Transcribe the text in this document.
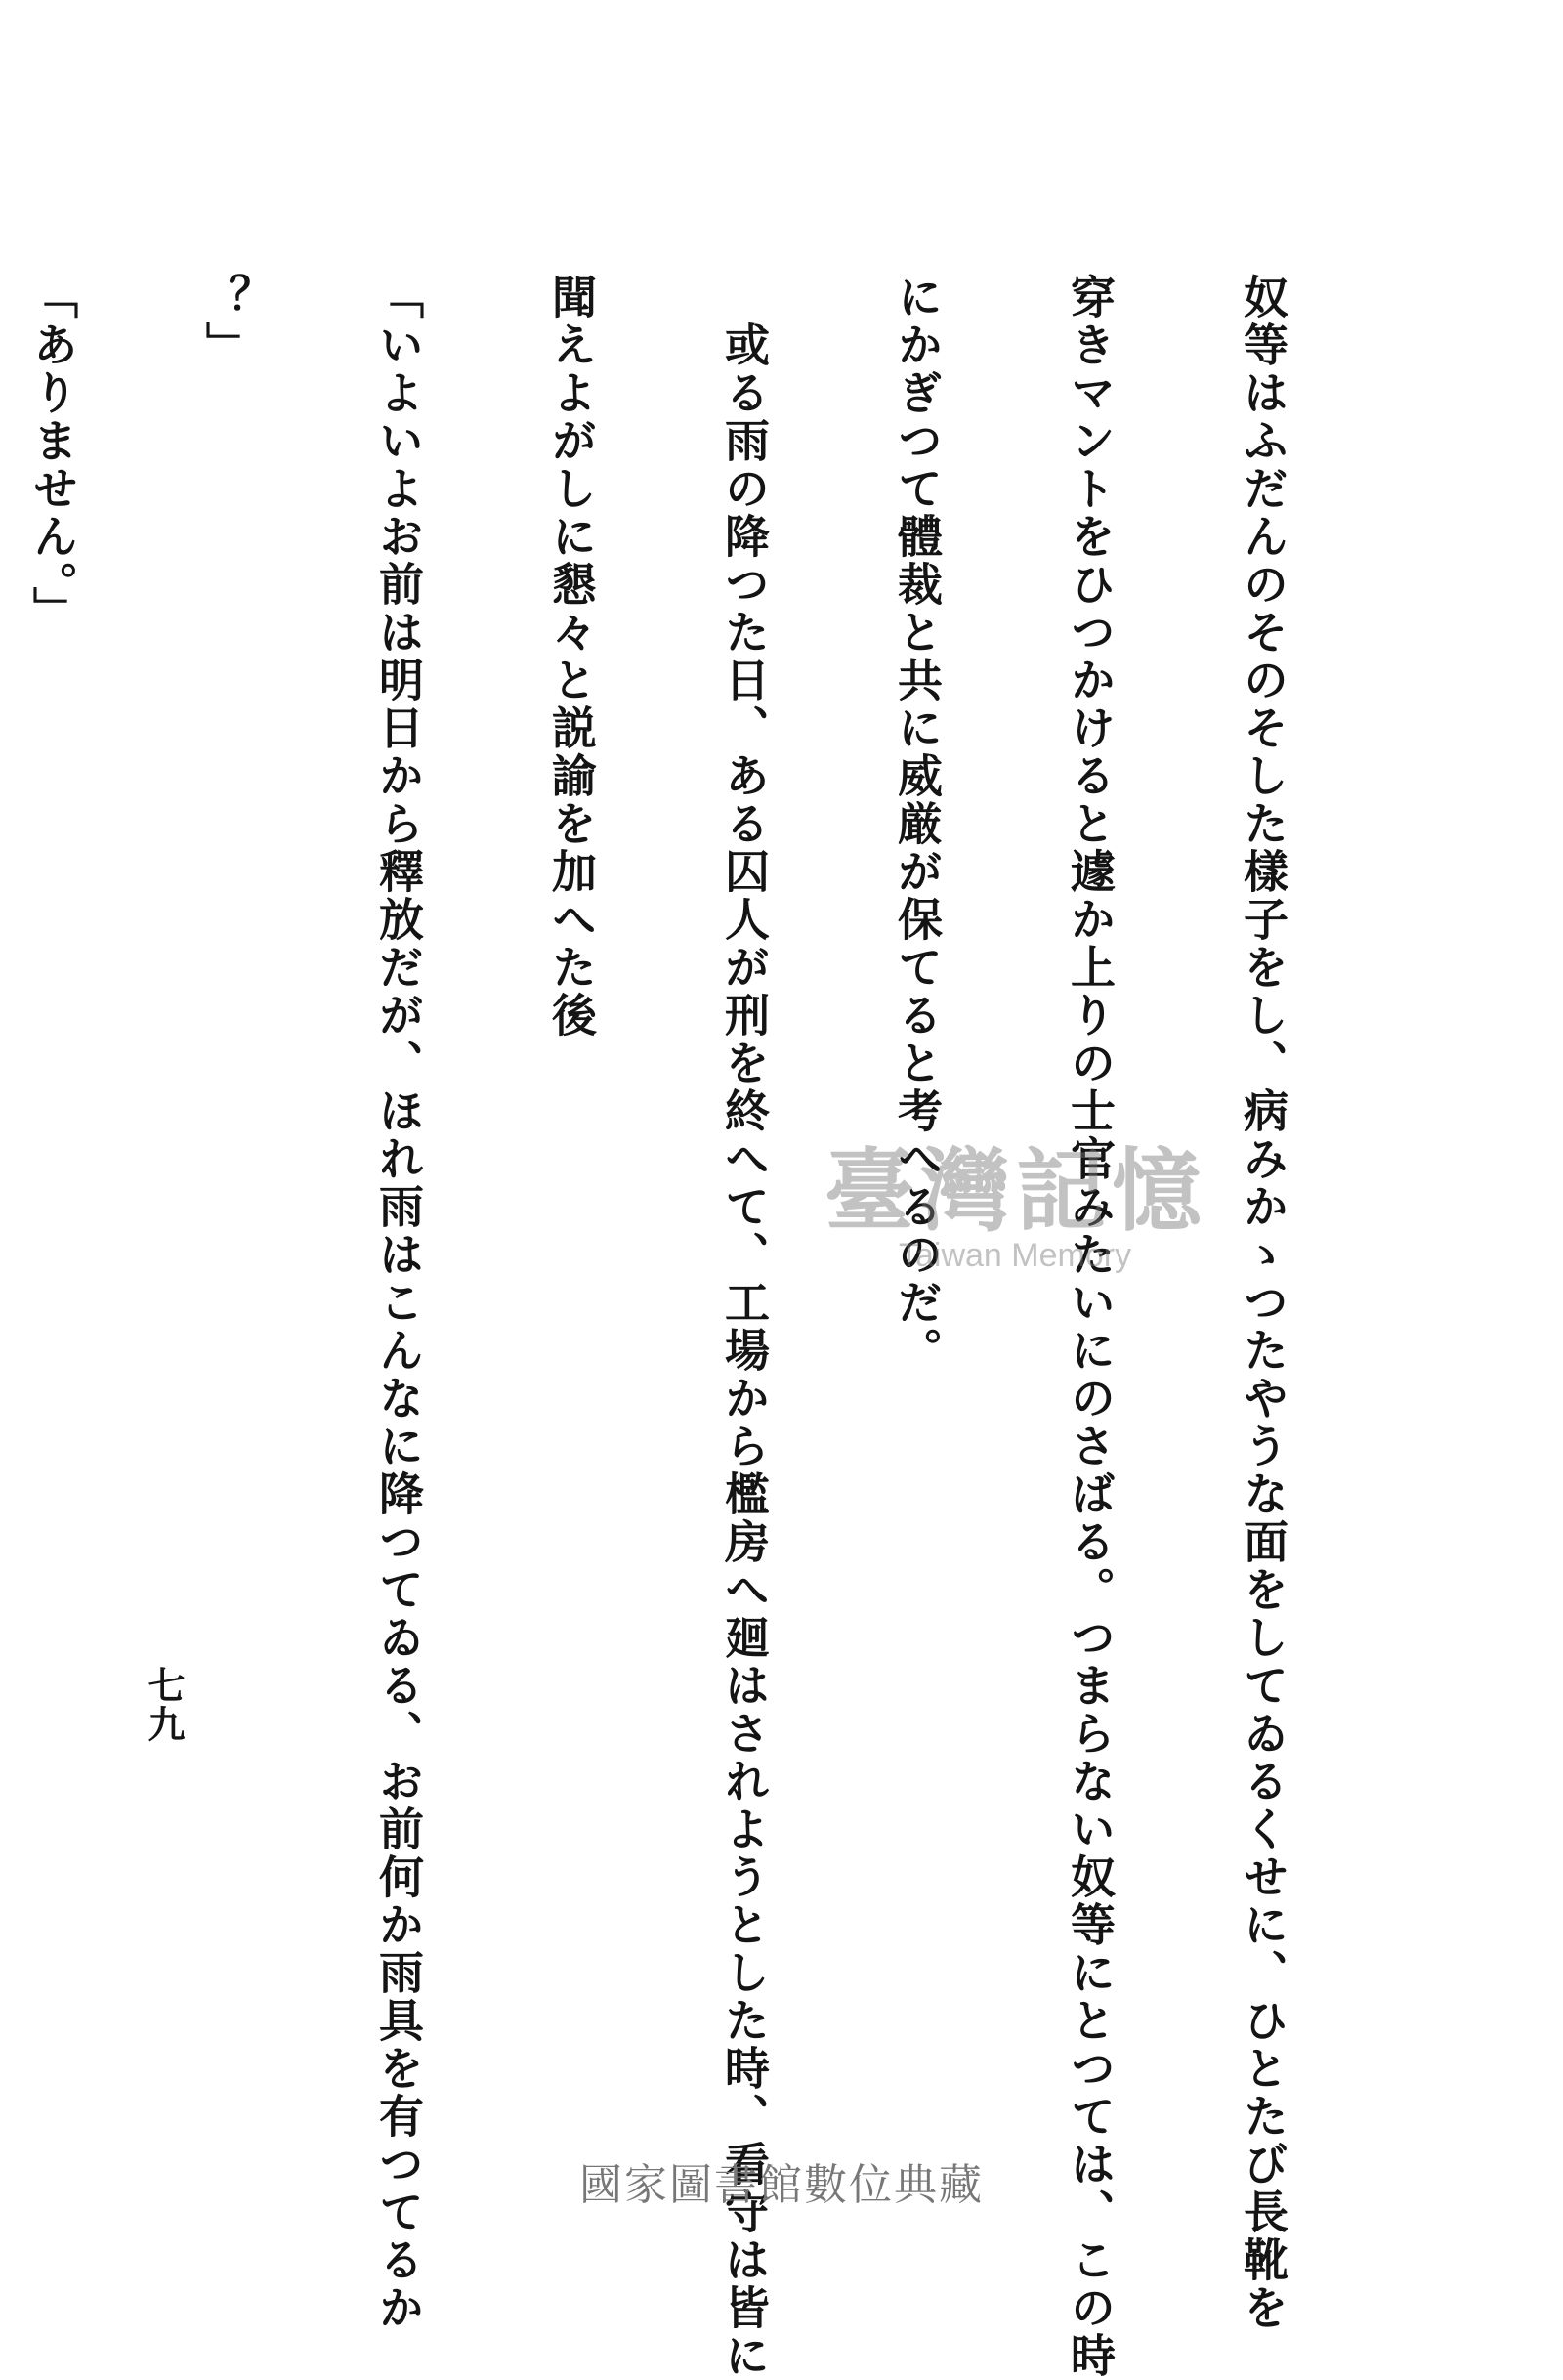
奴等はふだんのそのそした樣子をし、病みかゝつたやうな面をしてゐるくせに、ひとたび長靴を

穿きマントをひつかけると遽か上りの士官みたいにのさばる。つまらない奴等にとつては、この時

にかぎつて體裁と共に威厳が保てると考へるのだ。

　或る雨の降つた日、ある囚人が刑を終へて、工場から檻房へ廻はされようとした時、看守は皆に

聞えよがしに懇々と説諭を加へた後

「いよいよお前は明日から釋放だが、ほれ雨はこんなに降つてゐる、お前何か雨具を有つてるか

？」

「ありません。」

七九
臺灣記憶
Taiwan Memory
國家圖書館數位典藏
